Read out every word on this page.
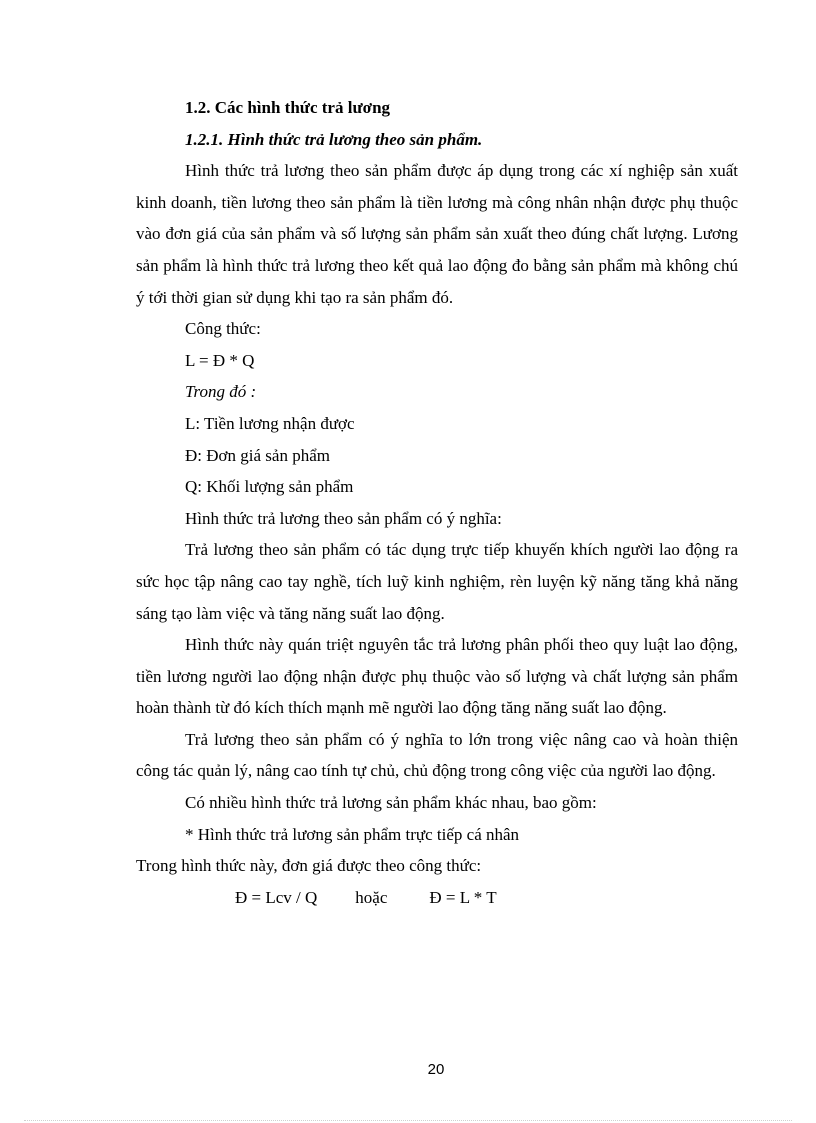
1.2. Các hình thức trả lương

1.2.1. Hình thức trả lương theo sản phẩm.

Hình thức trả lương theo sản phẩm được áp dụng trong các xí nghiệp sản xuất kinh doanh, tiền lương theo sản phẩm là tiền lương mà công nhân nhận được phụ thuộc vào đơn giá của sản phẩm và số lượng sản phẩm sản xuất theo đúng chất lượng. Lương sản phẩm là hình thức trả lương theo kết quả lao động đo bằng sản phẩm mà không chú ý tới thời gian sử dụng khi tạo ra sản phẩm đó.

Công thức:

L = Đ * Q

Trong đó :

L: Tiền lương nhận được

Đ: Đơn giá sản phẩm

Q: Khối lượng sản phẩm

Hình thức trả lương theo sản phẩm có ý nghĩa:

Trả lương theo sản phẩm có tác dụng trực tiếp khuyến khích người lao động ra sức học tập nâng cao tay nghề, tích luỹ kinh nghiệm, rèn luyện kỹ năng tăng khả năng sáng tạo làm việc và tăng năng suất lao động.

Hình thức này quán triệt nguyên tắc trả lương phân phối theo quy luật lao động, tiền lương người lao động nhận được phụ thuộc vào số lượng và chất lượng sản phẩm hoàn thành từ đó kích thích mạnh mẽ người lao động tăng năng suất lao động.

Trả lương theo sản phẩm có ý nghĩa to lớn trong việc nâng cao và hoàn thiện công tác quản lý, nâng cao tính tự chủ, chủ động trong công việc của người lao động.

Có nhiều hình thức trả lương sản phẩm khác nhau, bao gồm:

* Hình thức trả lương sản phẩm trực tiếp cá nhân

Trong hình thức này, đơn giá được theo công thức:

Đ = Lcv / Q hoặc Đ = L * T

20
